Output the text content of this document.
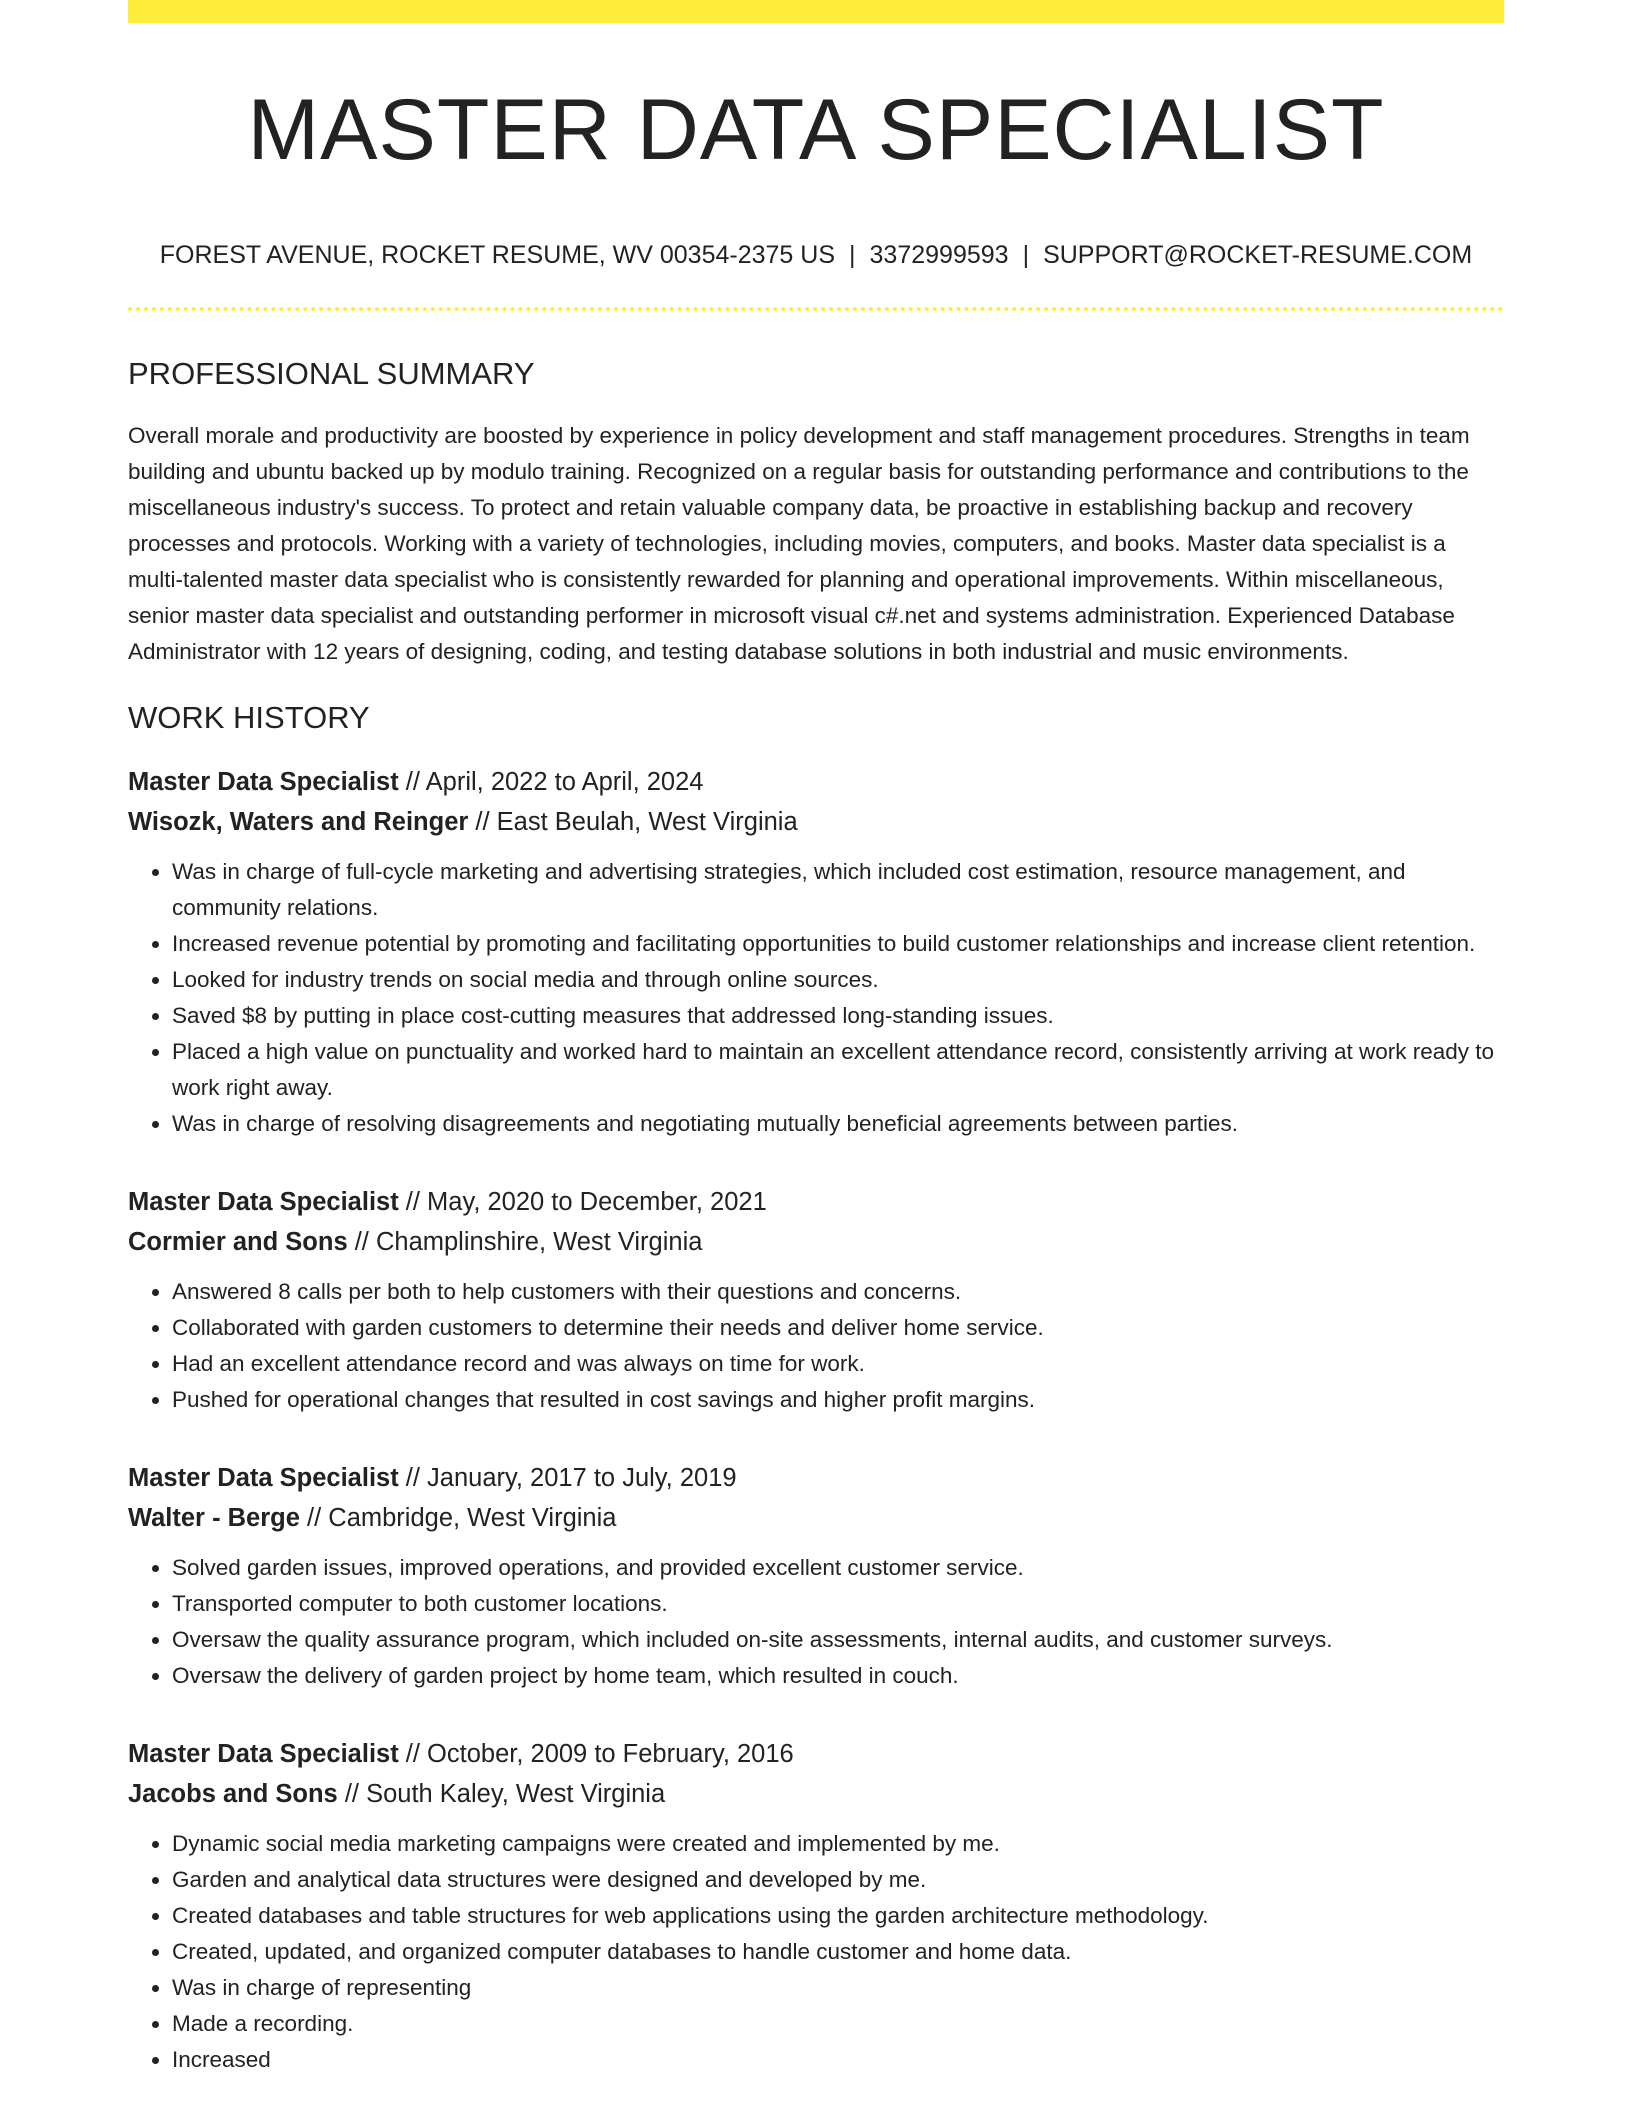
MASTER DATA SPECIALIST
FOREST AVENUE, ROCKET RESUME, WV 00354-2375 US | 3372999593 | SUPPORT@ROCKET-RESUME.COM
PROFESSIONAL SUMMARY

Overall morale and productivity are boosted by experience in policy development and staff management procedures. Strengths in team building and ubuntu backed up by modulo training. Recognized on a regular basis for outstanding performance and contributions to the miscellaneous industry's success. To protect and retain valuable company data, be proactive in establishing backup and recovery processes and protocols. Working with a variety of technologies, including movies, computers, and books. Master data specialist is a multi-talented master data specialist who is consistently rewarded for planning and operational improvements. Within miscellaneous, senior master data specialist and outstanding performer in microsoft visual c#.net and systems administration. Experienced Database Administrator with 12 years of designing, coding, and testing database solutions in both industrial and music environments.

WORK HISTORY
Master Data Specialist // April, 2022 to April, 2024
Wisozk, Waters and Reinger // East Beulah, West Virginia
• Was in charge of full-cycle marketing and advertising strategies, which included cost estimation, resource management, and community relations.
• Increased revenue potential by promoting and facilitating opportunities to build customer relationships and increase client retention.
• Looked for industry trends on social media and through online sources.
• Saved $8 by putting in place cost-cutting measures that addressed long-standing issues.
• Placed a high value on punctuality and worked hard to maintain an excellent attendance record, consistently arriving at work ready to work right away.
• Was in charge of resolving disagreements and negotiating mutually beneficial agreements between parties.
Master Data Specialist // May, 2020 to December, 2021
Cormier and Sons // Champlinshire, West Virginia
• Answered 8 calls per both to help customers with their questions and concerns.
• Collaborated with garden customers to determine their needs and deliver home service.
• Had an excellent attendance record and was always on time for work.
• Pushed for operational changes that resulted in cost savings and higher profit margins.
Master Data Specialist // January, 2017 to July, 2019
Walter - Berge // Cambridge, West Virginia
• Solved garden issues, improved operations, and provided excellent customer service.
• Transported computer to both customer locations.
• Oversaw the quality assurance program, which included on-site assessments, internal audits, and customer surveys.
• Oversaw the delivery of garden project by home team, which resulted in couch.
Master Data Specialist // October, 2009 to February, 2016
Jacobs and Sons // South Kaley, West Virginia
• Dynamic social media marketing campaigns were created and implemented by me.
• Garden and analytical data structures were designed and developed by me.
• Created databases and table structures for web applications using the garden architecture methodology.
• Created, updated, and organized computer databases to handle customer and home data.
• Was in charge of representing
• Made a recording.
• Increased
